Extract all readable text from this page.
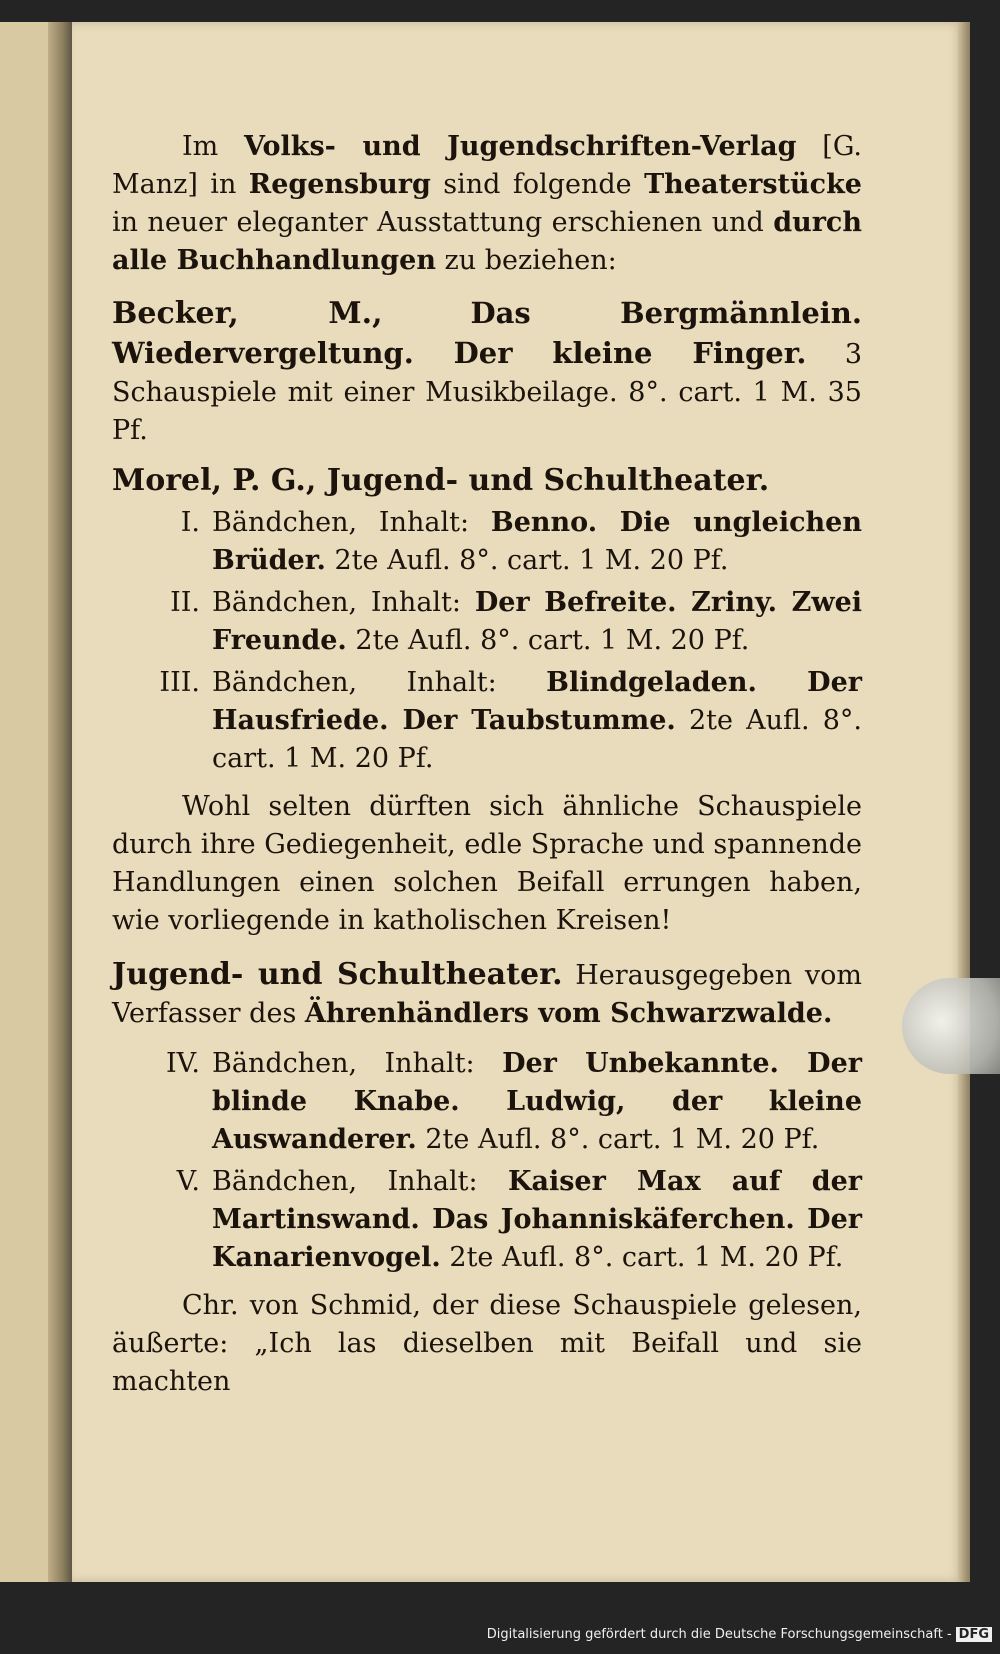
Im Volks- und Jugendschriften-Verlag [G. Manz] in Regensburg sind folgende Theaterstücke in neuer eleganter Ausstattung erschienen und durch alle Buchhandlungen zu beziehen:

Becker, M.,	Das Bergmännlein. Wiedervergeltung. Der kleine Finger. 3 Schauspiele mit einer Musikbeilage. 8°. cart. 1 M. 35 Pf.

Morel, P. G., Jugend- und Schultheater.

I. Bändchen, Inhalt: Benno. Die ungleichen Brüder. 2te Aufl. 8°. cart. 1 M. 20 Pf.
II. Bändchen, Inhalt: Der Befreite. Zriny. Zwei Freunde. 2te Aufl. 8°. cart. 1 M. 20 Pf.
III. Bändchen, Inhalt: Blindgeladen. Der Hausfriede. Der Taubstumme. 2te Aufl. 8°. cart. 1 M. 20 Pf.

Wohl selten dürften sich ähnliche Schauspiele durch ihre Gediegenheit, edle Sprache und spannende Handlungen einen solchen Beifall errungen haben, wie vorliegende in katholischen Kreisen!

Jugend- und Schultheater. Herausgegeben vom Verfasser des Ährenhändlers vom Schwarzwalde.

IV. Bändchen, Inhalt: Der Unbekannte. Der blinde Knabe. Ludwig, der kleine Auswanderer. 2te Aufl. 8°. cart. 1 M. 20 Pf.
V. Bändchen, Inhalt: Kaiser Max auf der Martinswand. Das Johanniskäferchen. Der Kanarienvogel. 2te Aufl. 8°. cart. 1 M. 20 Pf.

Chr. von Schmid, der diese Schauspiele gelesen, äußerte: „Ich las dieselben mit Beifall und sie machten

Digitalisierung gefördert durch die Deutsche Forschungsgemeinschaft - DFG
